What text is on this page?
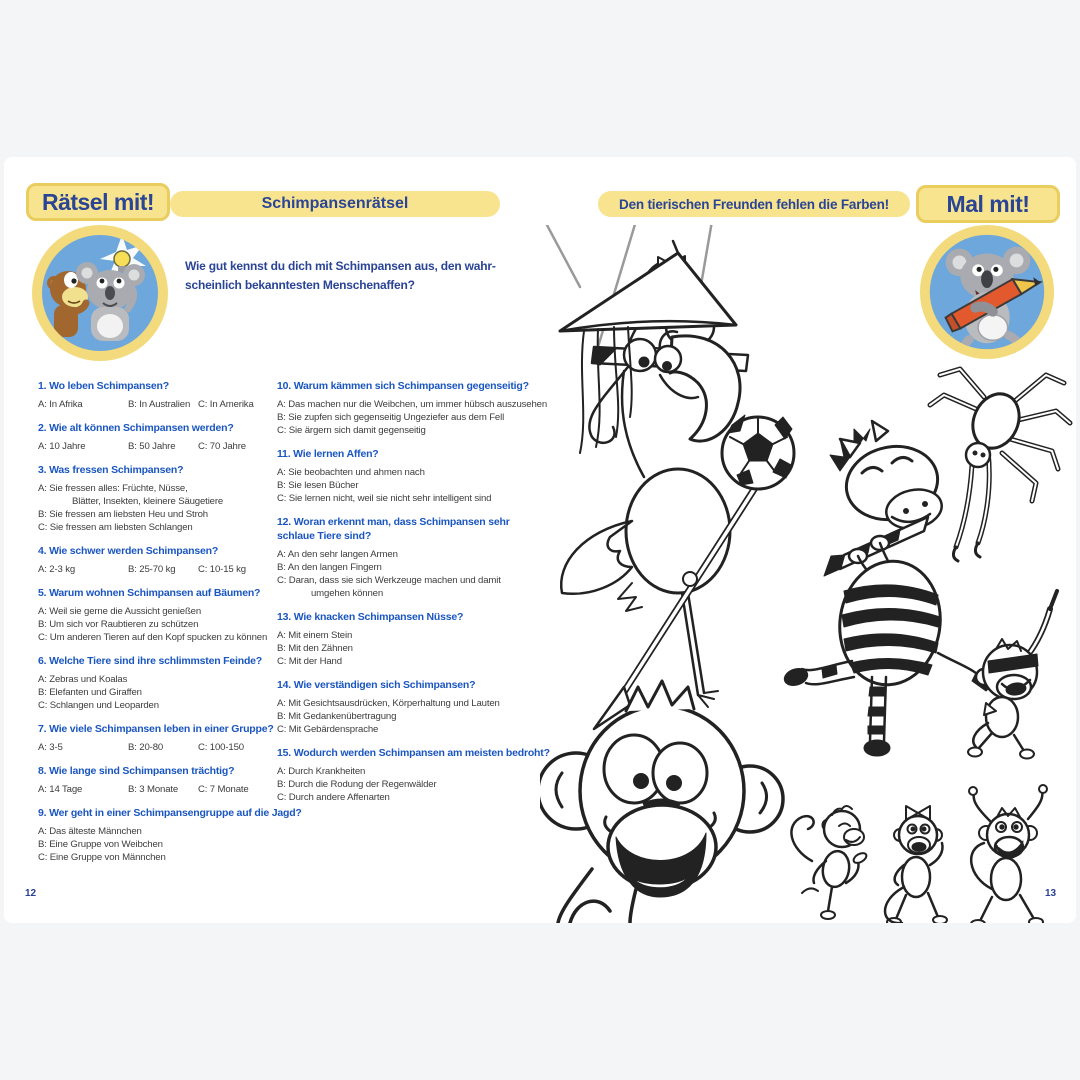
Rätsel mit!	Schimpansenrätsel

Wie gut kennst du dich mit Schimpansen aus, den wahr-
scheinlich bekanntesten Menschenaffen?

1. Wo leben Schimpansen?
A: In Afrika	B: In Australien C: In Amerika
2. Wie alt können Schimpansen werden?
A: 10 Jahre	B: 50 Jahre	C: 70 Jahre
3. Was fressen Schimpansen?
A: Sie fressen alles: Früchte, Nüsse,
Blätter, Insekten, kleinere Säugetiere
B: Sie fressen am liebsten Heu und Stroh
C: Sie fressen am liebsten Schlangen
4. Wie schwer werden Schimpansen?
A: 2-3 kg	B: 25-70 kg	C: 10-15 kg
5. Warum wohnen Schimpansen auf Bäumen?
A: Weil sie gerne die Aussicht genießen
B: Um sich vor Raubtieren zu schützen
C: Um anderen Tieren auf den Kopf spucken zu können
6. Welche Tiere sind ihre schlimmsten Feinde?
A: Zebras und Koalas
B: Elefanten und Giraffen
C: Schlangen und Leoparden
7. Wie viele Schimpansen leben in einer Gruppe?
A: 3-5	B: 20-80	C: 100-150
8. Wie lange sind Schimpansen trächtig?
A: 14 Tage	B: 3 Monate	C: 7 Monate
9. Wer geht in einer Schimpansengruppe auf die Jagd?
A: Das älteste Männchen
B: Eine Gruppe von Weibchen
C: Eine Gruppe von Männchen
10. Warum kämmen sich Schimpansen gegenseitig?
A: Das machen nur die Weibchen, um immer hübsch auszusehen
B: Sie zupfen sich gegenseitig Ungeziefer aus dem Fell
C: Sie ärgern sich damit gegenseitig
11. Wie lernen Affen?
A: Sie beobachten und ahmen nach
B: Sie lesen Bücher
C: Sie lernen nicht, weil sie nicht sehr intelligent sind
12. Woran erkennt man, dass Schimpansen sehr
schlaue Tiere sind?
A: An den sehr langen Armen
B: An den langen Fingern
C: Daran, dass sie sich Werkzeuge machen und damit
umgehen können
13. Wie knacken Schimpansen Nüsse?
A: Mit einem Stein
B: Mit den Zähnen
C: Mit der Hand
14. Wie verständigen sich Schimpansen?
A: Mit Gesichtsausdrücken, Körperhaltung und Lauten
B: Mit Gedankenübertragung
C: Mit Gebärdensprache
15. Wodurch werden Schimpansen am meisten bedroht?
A: Durch Krankheiten
B: Durch die Rodung der Regenwälder
C: Durch andere Affenarten
12
Den tierischen Freunden fehlen die Farben!	Mal mit!
13
